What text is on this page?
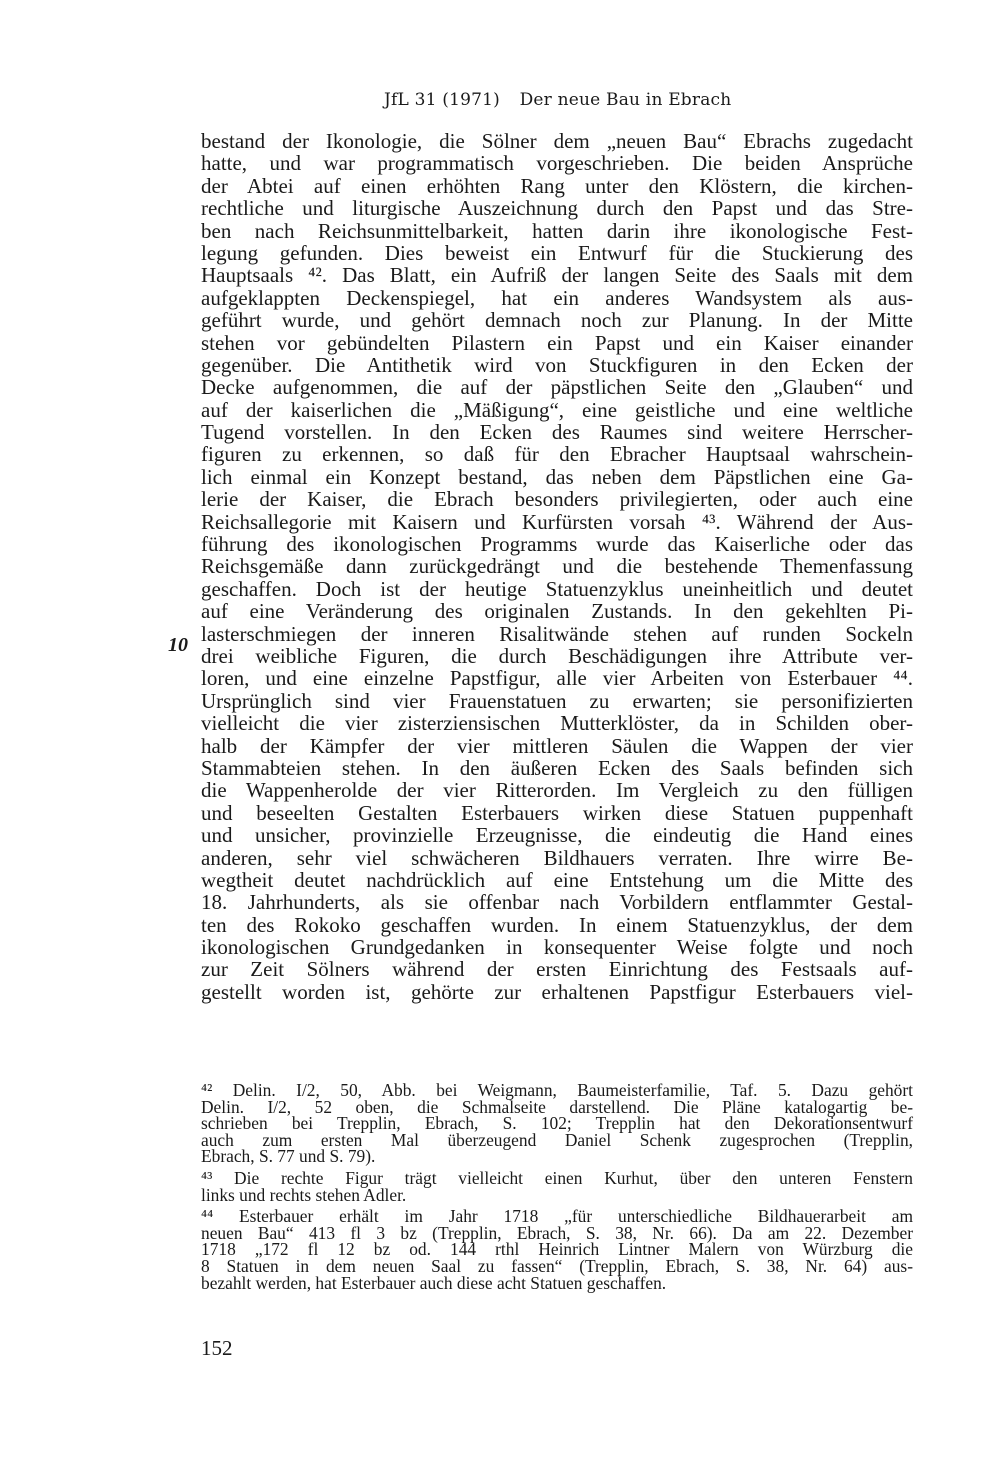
JfL 31 (1971) Der neue Bau in Ebrach
10
bestand der Ikonologie, die Sölner dem „neuen Bau“ Ebrachs zugedacht
hatte, und war programmatisch vorgeschrieben. Die beiden Ansprüche
der Abtei auf einen erhöhten Rang unter den Klöstern, die kirchen-
rechtliche und liturgische Auszeichnung durch den Papst und das Stre-
ben nach Reichsunmittelbarkeit, hatten darin ihre ikonologische Fest-
legung gefunden. Dies beweist ein Entwurf für die Stuckierung des
Hauptsaals ⁴². Das Blatt, ein Aufriß der langen Seite des Saals mit dem
aufgeklappten Deckenspiegel, hat ein anderes Wandsystem als aus-
geführt wurde, und gehört demnach noch zur Planung. In der Mitte
stehen vor gebündelten Pilastern ein Papst und ein Kaiser einander
gegenüber. Die Antithetik wird von Stuckfiguren in den Ecken der
Decke aufgenommen, die auf der päpstlichen Seite den „Glauben“ und
auf der kaiserlichen die „Mäßigung“, eine geistliche und eine weltliche
Tugend vorstellen. In den Ecken des Raumes sind weitere Herrscher-
figuren zu erkennen, so daß für den Ebracher Hauptsaal wahrschein-
lich einmal ein Konzept bestand, das neben dem Päpstlichen eine Ga-
lerie der Kaiser, die Ebrach besonders privilegierten, oder auch eine
Reichsallegorie mit Kaisern und Kurfürsten vorsah ⁴³. Während der Aus-
führung des ikonologischen Programms wurde das Kaiserliche oder das
Reichsgemäße dann zurückgedrängt und die bestehende Themenfassung
geschaffen. Doch ist der heutige Statuenzyklus uneinheitlich und deutet
auf eine Veränderung des originalen Zustands. In den gekehlten Pi-
lasterschmiegen der inneren Risalitwände stehen auf runden Sockeln
drei weibliche Figuren, die durch Beschädigungen ihre Attribute ver-
loren, und eine einzelne Papstfigur, alle vier Arbeiten von Esterbauer ⁴⁴.
Ursprünglich sind vier Frauenstatuen zu erwarten; sie personifizierten
vielleicht die vier zisterziensischen Mutterklöster, da in Schilden ober-
halb der Kämpfer der vier mittleren Säulen die Wappen der vier
Stammabteien stehen. In den äußeren Ecken des Saals befinden sich
die Wappenherolde der vier Ritterorden. Im Vergleich zu den fülligen
und beseelten Gestalten Esterbauers wirken diese Statuen puppenhaft
und unsicher, provinzielle Erzeugnisse, die eindeutig die Hand eines
anderen, sehr viel schwächeren Bildhauers verraten. Ihre wirre Be-
wegtheit deutet nachdrücklich auf eine Entstehung um die Mitte des
18. Jahrhunderts, als sie offenbar nach Vorbildern entflammter Gestal-
ten des Rokoko geschaffen wurden. In einem Statuenzyklus, der dem
ikonologischen Grundgedanken in konsequenter Weise folgte und noch
zur Zeit Sölners während der ersten Einrichtung des Festsaals auf-
gestellt worden ist, gehörte zur erhaltenen Papstfigur Esterbauers viel-
⁴² Delin. I/2, 50, Abb. bei Weigmann, Baumeisterfamilie, Taf. 5. Dazu gehört
Delin. I/2, 52 oben, die Schmalseite darstellend. Die Pläne katalogartig be-
schrieben bei Trepplin, Ebrach, S. 102; Trepplin hat den Dekorationsentwurf
auch zum ersten Mal überzeugend Daniel Schenk zugesprochen (Trepplin,
Ebrach, S. 77 und S. 79).
⁴³ Die rechte Figur trägt vielleicht einen Kurhut, über den unteren Fenstern
links und rechts stehen Adler.
⁴⁴ Esterbauer erhält im Jahr 1718 „für unterschiedliche Bildhauerarbeit am
neuen Bau“ 413 fl 3 bz (Trepplin, Ebrach, S. 38, Nr. 66). Da am 22. Dezember
1718 „172 fl 12 bz od. 144 rthl Heinrich Lintner Malern von Würzburg die
8 Statuen in dem neuen Saal zu fassen“ (Trepplin, Ebrach, S. 38, Nr. 64) aus-
bezahlt werden, hat Esterbauer auch diese acht Statuen geschaffen.
152
